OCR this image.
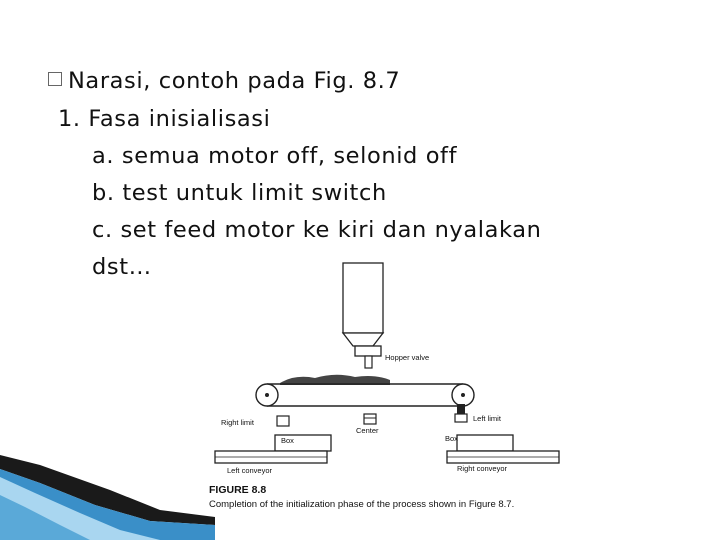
Narasi, contoh pada Fig. 8.7
1. Fasa inisialisasi
a. semua motor off, selonid off
b. test untuk limit switch
c. set feed motor ke kiri dan nyalakan
dst…
Hopper valve
Right limit	Left limit
Center
Box	Box
Left conveyor	Right conveyor
FIGURE 8.8
Completion of the initialization phase of the process shown in Figure 8.7.
